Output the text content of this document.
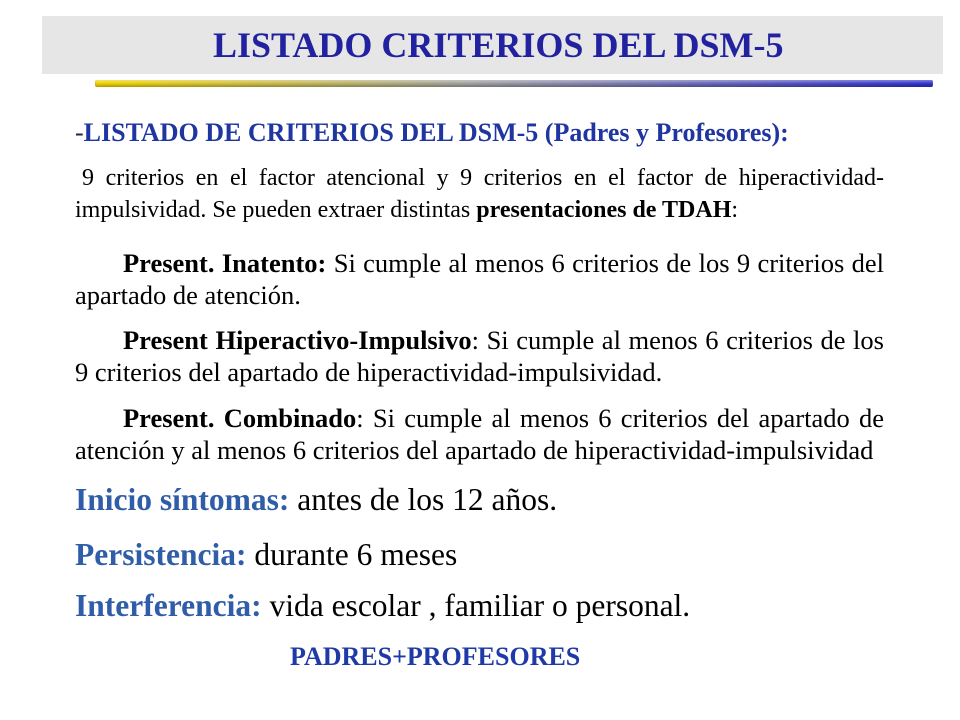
LISTADO CRITERIOS DEL DSM-5
-LISTADO DE CRITERIOS DEL DSM-5 (Padres y Profesores):

9 criterios en el factor atencional y 9 criterios en el factor de hiperactividad-impulsividad. Se pueden extraer distintas presentaciones de TDAH:

Present. Inatento: Si cumple al menos 6 criterios de los 9 criterios del apartado de atención.

Present Hiperactivo-Impulsivo: Si cumple al menos 6 criterios de los 9 criterios del apartado de hiperactividad-impulsividad.

Present. Combinado: Si cumple al menos 6 criterios del apartado de atención y al menos 6 criterios del apartado de hiperactividad-impulsividad

Inicio síntomas: antes de los 12 años.

Persistencia: durante 6 meses

Interferencia: vida escolar , familiar o personal.

PADRES+PROFESORES
